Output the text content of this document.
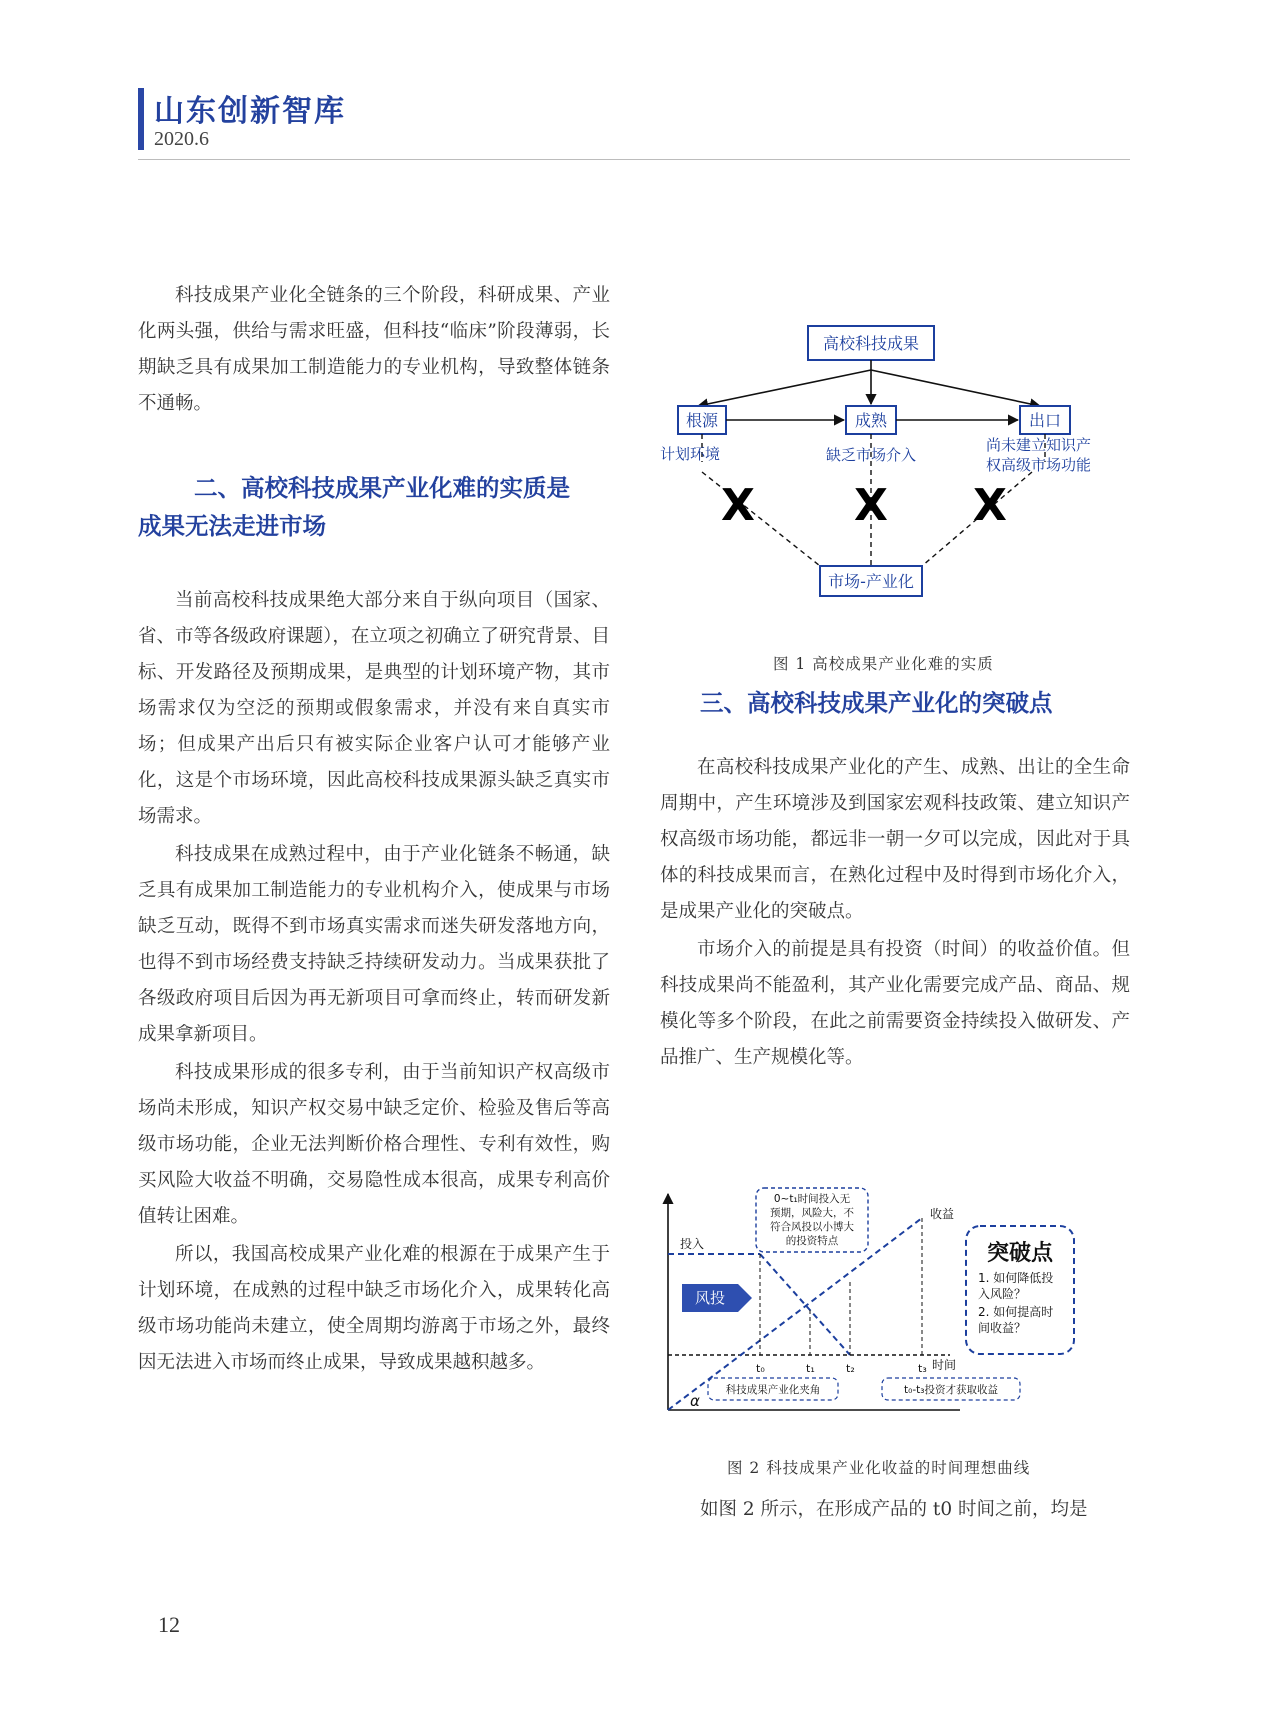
山东创新智库
2020.6

科技成果产业化全链条的三个阶段，科研成果、产业化两头强，供给与需求旺盛，但科技“临床”阶段薄弱，长期缺乏具有成果加工制造能力的专业机构，导致整体链条不通畅。

二、高校科技成果产业化难的实质是
成果无法走进市场

当前高校科技成果绝大部分来自于纵向项目（国家、省、市等各级政府课题），在立项之初确立了研究背景、目标、开发路径及预期成果，是典型的计划环境产物，其市场需求仅为空泛的预期或假象需求，并没有来自真实市场；但成果产出后只有被实际企业客户认可才能够产业化，这是个市场环境，因此高校科技成果源头缺乏真实市场需求。

科技成果在成熟过程中，由于产业化链条不畅通，缺乏具有成果加工制造能力的专业机构介入，使成果与市场缺乏互动，既得不到市场真实需求而迷失研发落地方向，也得不到市场经费支持缺乏持续研发动力。当成果获批了各级政府项目后因为再无新项目可拿而终止，转而研发新成果拿新项目。

科技成果形成的很多专利，由于当前知识产权高级市场尚未形成，知识产权交易中缺乏定价、检验及售后等高级市场功能，企业无法判断价格合理性、专利有效性，购买风险大收益不明确，交易隐性成本很高，成果专利高价值转让困难。

所以，我国高校成果产业化难的根源在于成果产生于计划环境，在成熟的过程中缺乏市场化介入，成果转化高级市场功能尚未建立，使全周期均游离于市场之外，最终因无法进入市场而终止成果，导致成果越积越多。

高校科技成果
根源	成熟	出口
计划环境	缺乏市场介入
尚未建立知识产
权高级市场功能
X X X
市场-产业化
图 1 高校成果产业化难的实质
三、高校科技成果产业化的突破点

在高校科技成果产业化的产生、成熟、出让的全生命周期中，产生环境涉及到国家宏观科技政策、建立知识产权高级市场功能，都远非一朝一夕可以完成，因此对于具体的科技成果而言，在熟化过程中及时得到市场化介入，是成果产业化的突破点。

市场介入的前提是具有投资（时间）的收益价值。但科技成果尚不能盈利，其产业化需要完成产品、商品、规模化等多个阶段，在此之前需要资金持续投入做研发、产品推广、生产规模化等。

投入
收益
t₀	t₁	t₂	t₃ 时间
风投
0~t₁时间投入无
预期，风险大，不
符合风投以小博大
的投资特点
α
科技成果产业化夹角	t₀-t₃投资才获取收益
突破点
1. 如何降低投
入风险？
2. 如何提高时
间收益？
图 2 科技成果产业化收益的时间理想曲线
如图 2 所示，在形成产品的 t0 时间之前，均是
12
